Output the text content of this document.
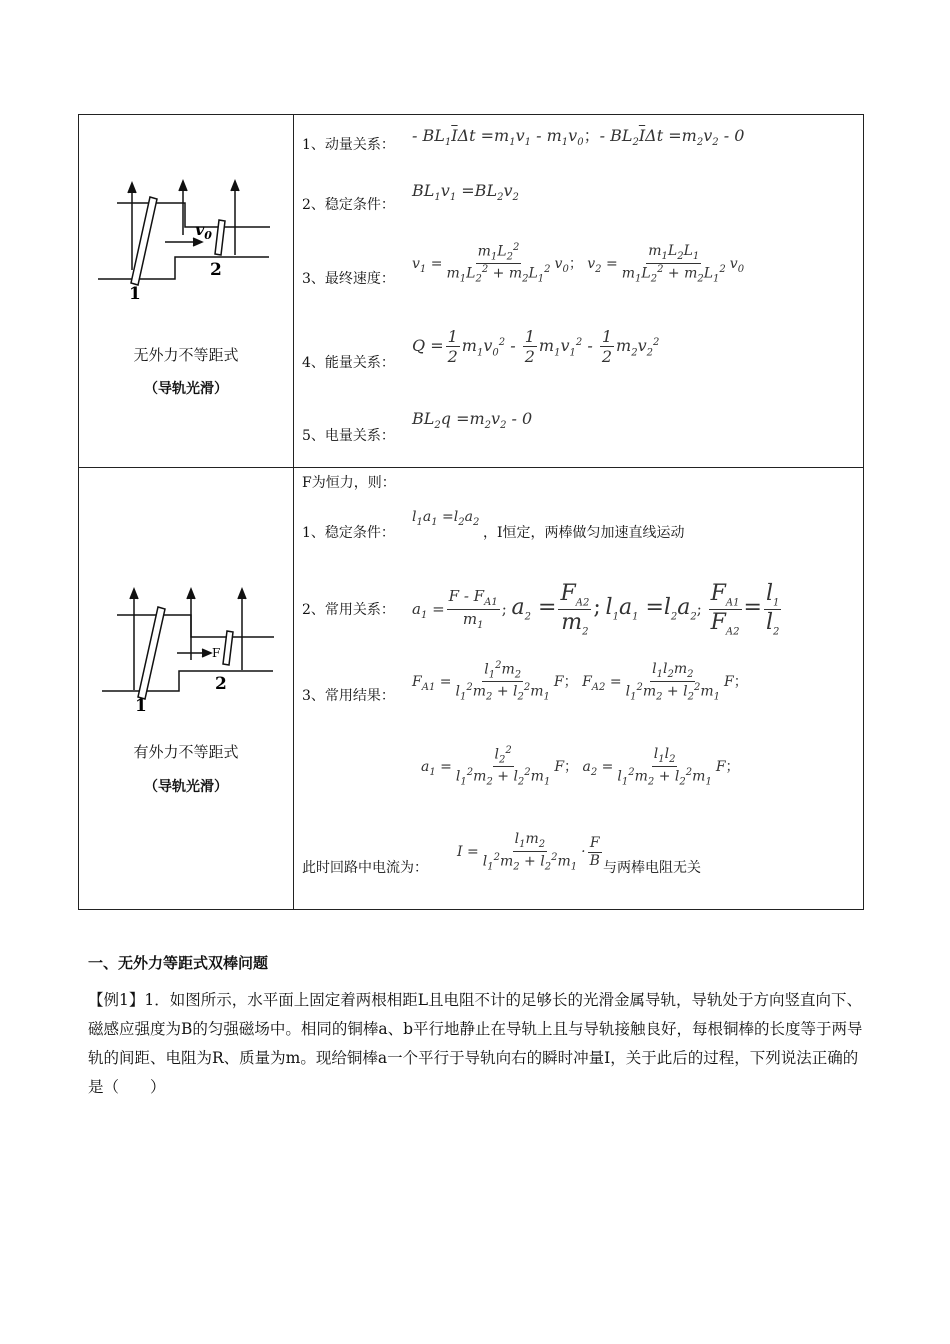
1
2
$v_0$
无外力不等距式
（导轨光滑）
1、动量关系： - $BL_1\overline{I}\Delta t =m_1v_1 - m_1v_0$；- $BL_2\overline{I}\Delta t =m_2v_2 - 0$
2、稳定条件：
$BL_1v_1 =BL_2v_2$
3、最终速度：
$v_1 = \frac{m_1L_2^2}{m_1L_2^2 + m_2L_1^2} v_0$； $v_2 = \frac{m_1L_2L_1}{m_1L_2^2 + m_2L_1^2} v_0$
4、能量关系：
$Q = \frac{1}{2} m_1v_0^2 - \frac{1}{2} m_1v_1^2 - \frac{1}{2} m_2v_2^2$
5、电量关系：
$BL_2q =m_2v_2 - 0$
1
2
F
有外力不等距式
（导轨光滑）
F为恒力，则：
1、稳定条件：
$l_1a_1 =l_2a_2$
，I恒定，两棒做匀加速直线运动
2、常用关系： $a_1 = \frac{F - F_{A1}}{m_1}$ ; $a_2 = \frac{F_{A2}}{m_2}$ ; $l_1a_1 =l_2a_2$; $\frac{F_{A1}}{F_{A2}} = \frac{l_1}{l_2}$
3、常用结果：
$F_{A1} = \frac{l_1^2m_2}{l_1^2m_2 + l_2^2m_1}$ F； $F_{A2} = \frac{l_1l_2m_2}{l_1^2m_2 + l_2^2m_1}$ F；
$a_1 = \frac{l_2^2}{l_1^2m_2 + l_2^2m_1}$ F； $a_2 = \frac{l_1l_2}{l_1^2m_2 + l_2^2m_1}$ F；
此时回路中电流为：
$I = \frac{l_1m_2}{l_1^2m_2 + l_2^2m_1} \cdot \frac{F}{B}$ 与两棒电阻无关
一、无外力等距式双棒问题
【例1】1．如图所示，水平面上固定着两根相距L且电阻不计的足够长的光滑金属导轨，导轨处于方向竖直向下、磁感应强度为B的匀强磁场中。相同的铜棒a、b平行地静止在导轨上且与导轨接触良好，每根铜棒的长度等于两导轨的间距、电阻为R、质量为m。现给铜棒a一个平行于导轨向右的瞬时冲量I，关于此后的过程，下列说法正确的是（　　）
